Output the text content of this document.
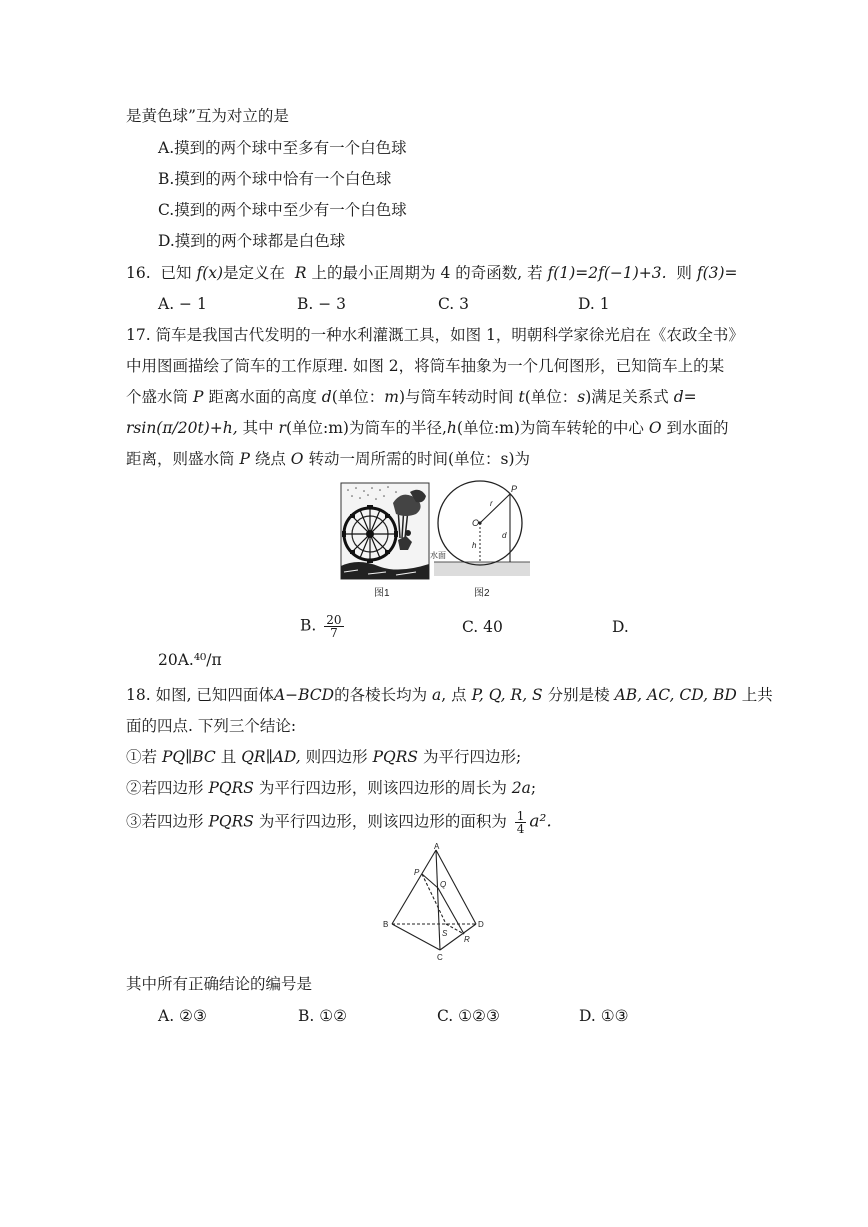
是黄色球”互为对立的是
A.摸到的两个球中至多有一个白色球
B.摸到的两个球中恰有一个白色球
C.摸到的两个球中至少有一个白色球
D.摸到的两个球都是白色球
16. 已知 f(x)是定义在 R 上的最小正周期为 4 的奇函数, 若 f(1)=2f(−1)+3. 则 f(3)=
A. − 1	B. − 3	C. 3	D. 1
17. 筒车是我国古代发明的一种水利灌溉工具，如图 1，明朝科学家徐光启在《农政全书》
中用图画描绘了筒车的工作原理. 如图 2，将筒车抽象为一个几何图形，已知筒车上的某
个盛水筒 P 距离水面的高度 d(单位：m)与筒车转动时间 t(单位：s)满足关系式 d=
rsin(π/20t)+h, 其中 r(单位:m)为筒车的半径,h(单位:m)为筒车转轮的中心 O 到水面的
距离，则盛水筒 P 绕点 O 转动一周所需的时间(单位：s)为
图1
P
O
r
h
d
水面
图2
B. $\frac{20}{7}$	C. 40	D.
20A.⁴⁰/π
18. 如图, 已知四面体A−BCD的各棱长均为 a, 点 P, Q, R, S 分别是棱 AB, AC, CD, BD 上共
面的四点. 下列三个结论:
①若 PQ∥BC 且 QR∥AD, 则四边形 PQRS 为平行四边形;
②若四边形 PQRS 为平行四边形，则该四边形的周长为 2a;
③若四边形 PQRS 为平行四边形，则该四边形的面积为 $\frac{1}{4} a^2$.
A
B
C
D
P
Q
R
S
其中所有正确结论的编号是
A. ②③	B. ①②	C. ①②③	D. ①③
